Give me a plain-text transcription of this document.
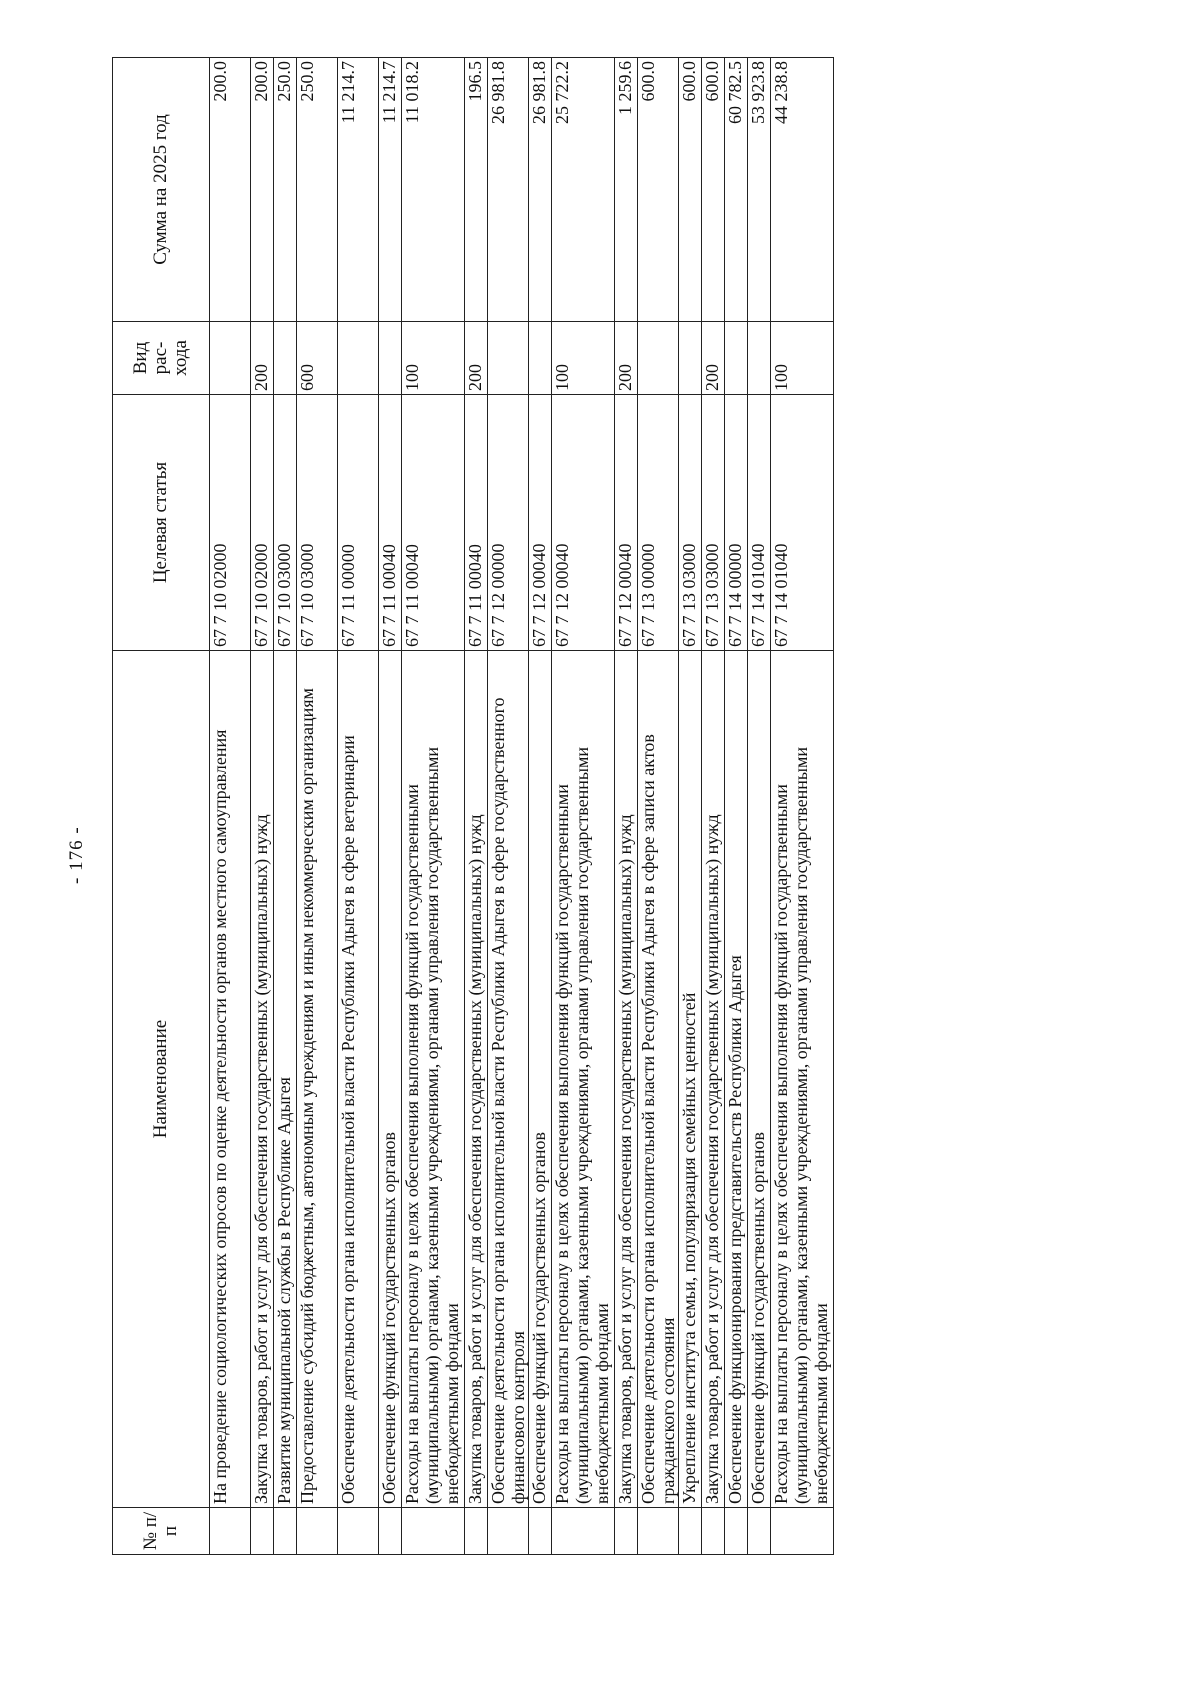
- 176 -
№ п/п	Наименование	Целевая статья	Вид рас-хода	Сумма на 2025 год
	На проведение социологических опросов по оценке деятельности органов местного самоуправления	67 7 10 02000		200.0
	Закупка товаров, работ и услуг для обеспечения государственных (муниципальных) нужд	67 7 10 02000	200	200.0
	Развитие муниципальной службы в Республике Адыгея	67 7 10 03000		250.0
	Предоставление субсидий бюджетным, автономным учреждениям и иным некоммерческим организациям	67 7 10 03000	600	250.0
	Обеспечение деятельности органа исполнительной власти Республики Адыгея в сфере ветеринарии	67 7 11 00000		11 214.7
	Обеспечение функций государственных органов	67 7 11 00040		11 214.7
	Расходы на выплаты персоналу в целях обеспечения выполнения функций государственными (муниципальными) органами, казенными учреждениями, органами управления государственными внебюджетными фондами	67 7 11 00040	100	11 018.2
	Закупка товаров, работ и услуг для обеспечения государственных (муниципальных) нужд	67 7 11 00040	200	196.5
	Обеспечение деятельности органа исполнительной власти Республики Адыгея в сфере государственного финансового контроля	67 7 12 00000		26 981.8
	Обеспечение функций государственных органов	67 7 12 00040		26 981.8
	Расходы на выплаты персоналу в целях обеспечения выполнения функций государственными (муниципальными) органами, казенными учреждениями, органами управления государственными внебюджетными фондами	67 7 12 00040	100	25 722.2
	Закупка товаров, работ и услуг для обеспечения государственных (муниципальных) нужд	67 7 12 00040	200	1 259.6
	Обеспечение деятельности органа исполнительной власти Республики Адыгея в сфере записи актов гражданского состояния	67 7 13 00000		600.0
	Укрепление института семьи, популяризация семейных ценностей	67 7 13 03000		600.0
	Закупка товаров, работ и услуг для обеспечения государственных (муниципальных) нужд	67 7 13 03000	200	600.0
	Обеспечение функционирования представительств Республики Адыгея	67 7 14 00000		60 782.5
	Обеспечение функций государственных органов	67 7 14 01040		53 923.8
	Расходы на выплаты персоналу в целях обеспечения выполнения функций государственными (муниципальными) органами, казенными учреждениями, органами управления государственными внебюджетными фондами	67 7 14 01040	100	44 238.8
